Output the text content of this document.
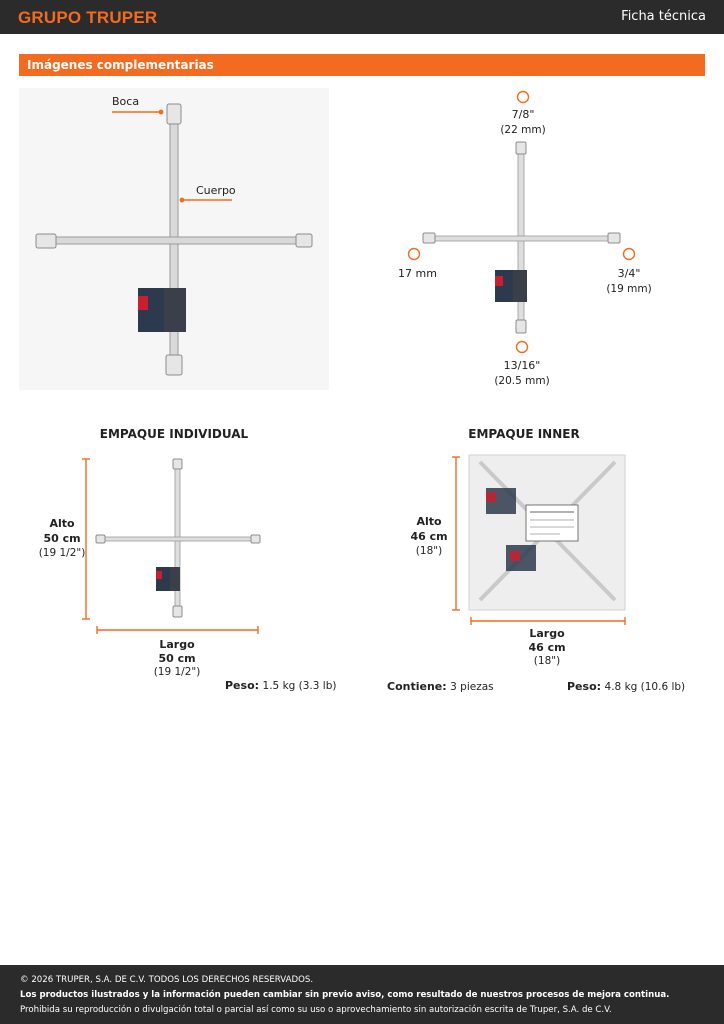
GRUPO TRUPER	Ficha técnica
Imágenes complementarias
Boca
Cuerpo
7/8"
(22 mm)
17 mm	3/4"
(19 mm)
13/16"
(20.5 mm)
EMPAQUE INDIVIDUAL
Alto
50 cm
(19 1/2")
Largo
50 cm
(19 1/2")
Peso: 1.5 kg (3.3 lb)
EMPAQUE INNER
Alto
46 cm
(18")
Largo
46 cm
(18")
Contiene: 3 piezas	Peso: 4.8 kg (10.6 lb)
© 2026 TRUPER, S.A. DE C.V. TODOS LOS DERECHOS RESERVADOS.
Los productos ilustrados y la información pueden cambiar sin previo aviso, como resultado de nuestros procesos de mejora continua.
Prohibida su reproducción o divulgación total o parcial así como su uso o aprovechamiento sin autorización escrita de Truper, S.A. de C.V.
